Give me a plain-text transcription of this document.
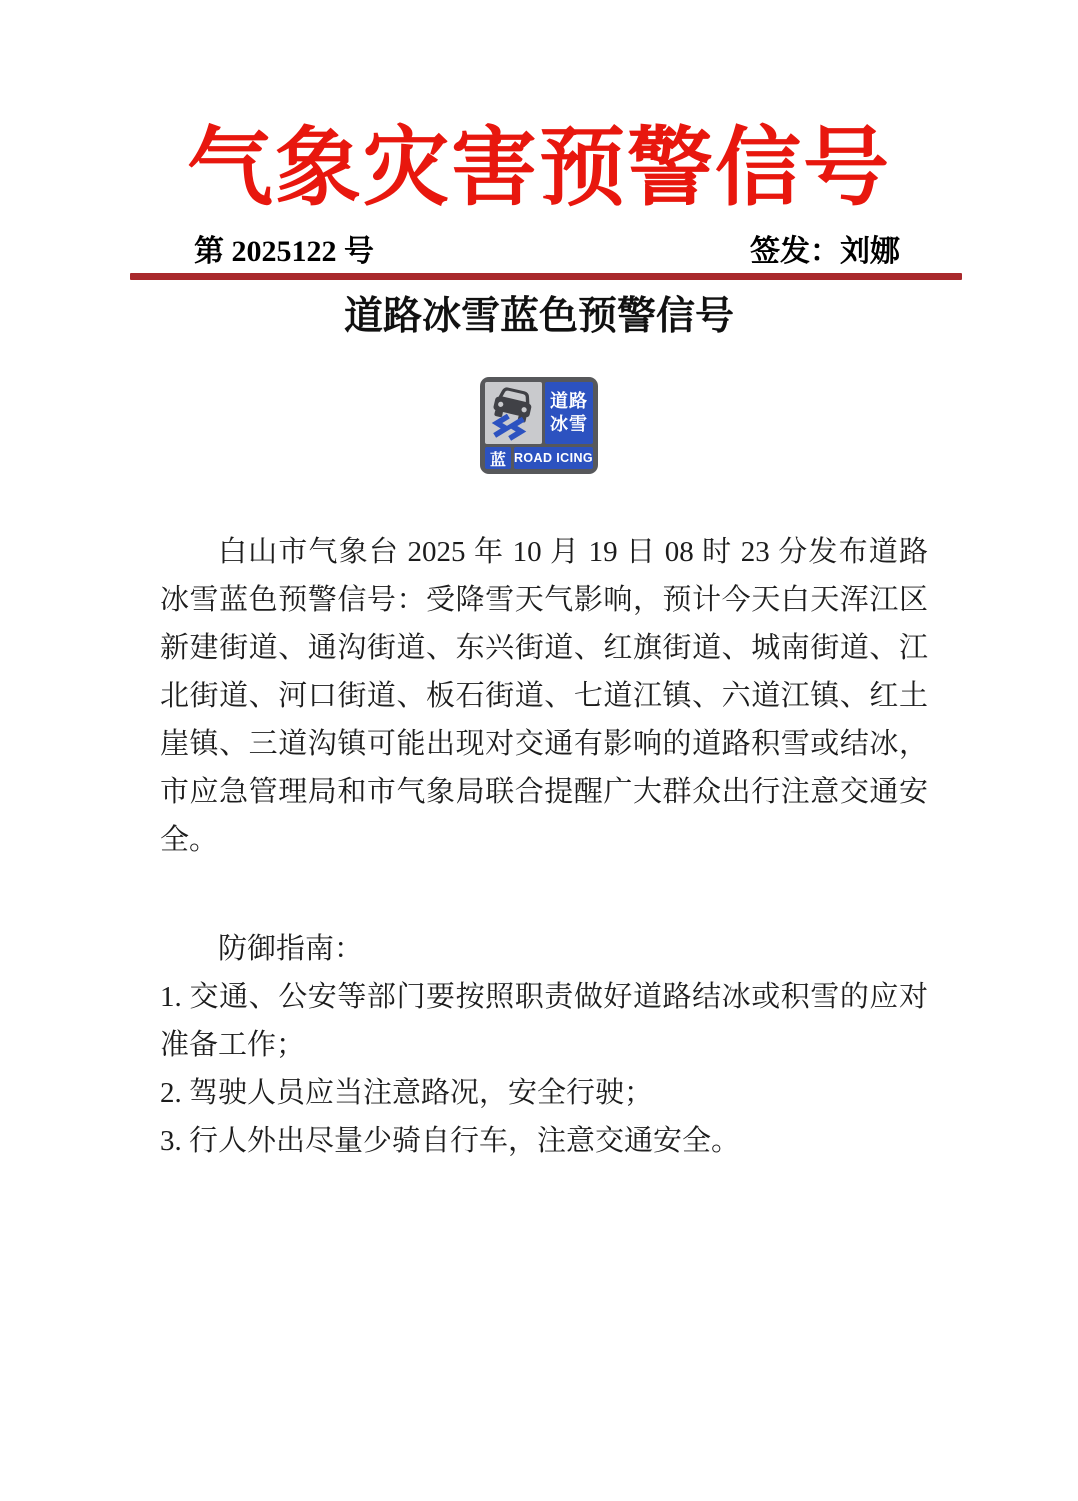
气象灾害预警信号
第 2025122 号	签发：刘娜
道路冰雪蓝色预警信号
道路
冰雪
蓝 ROAD ICING

白山市气象台 2025 年 10 月 19 日 08 时 23 分发布道路冰雪蓝色预警信号：受降雪天气影响，预计今天白天浑江区新建街道、通沟街道、东兴街道、红旗街道、城南街道、江北街道、河口街道、板石街道、七道江镇、六道江镇、红土崖镇、三道沟镇可能出现对交通有影响的道路积雪或结冰，市应急管理局和市气象局联合提醒广大群众出行注意交通安全。

防御指南：

1. 交通、公安等部门要按照职责做好道路结冰或积雪的应对准备工作；

2. 驾驶人员应当注意路况，安全行驶；

3. 行人外出尽量少骑自行车，注意交通安全。
